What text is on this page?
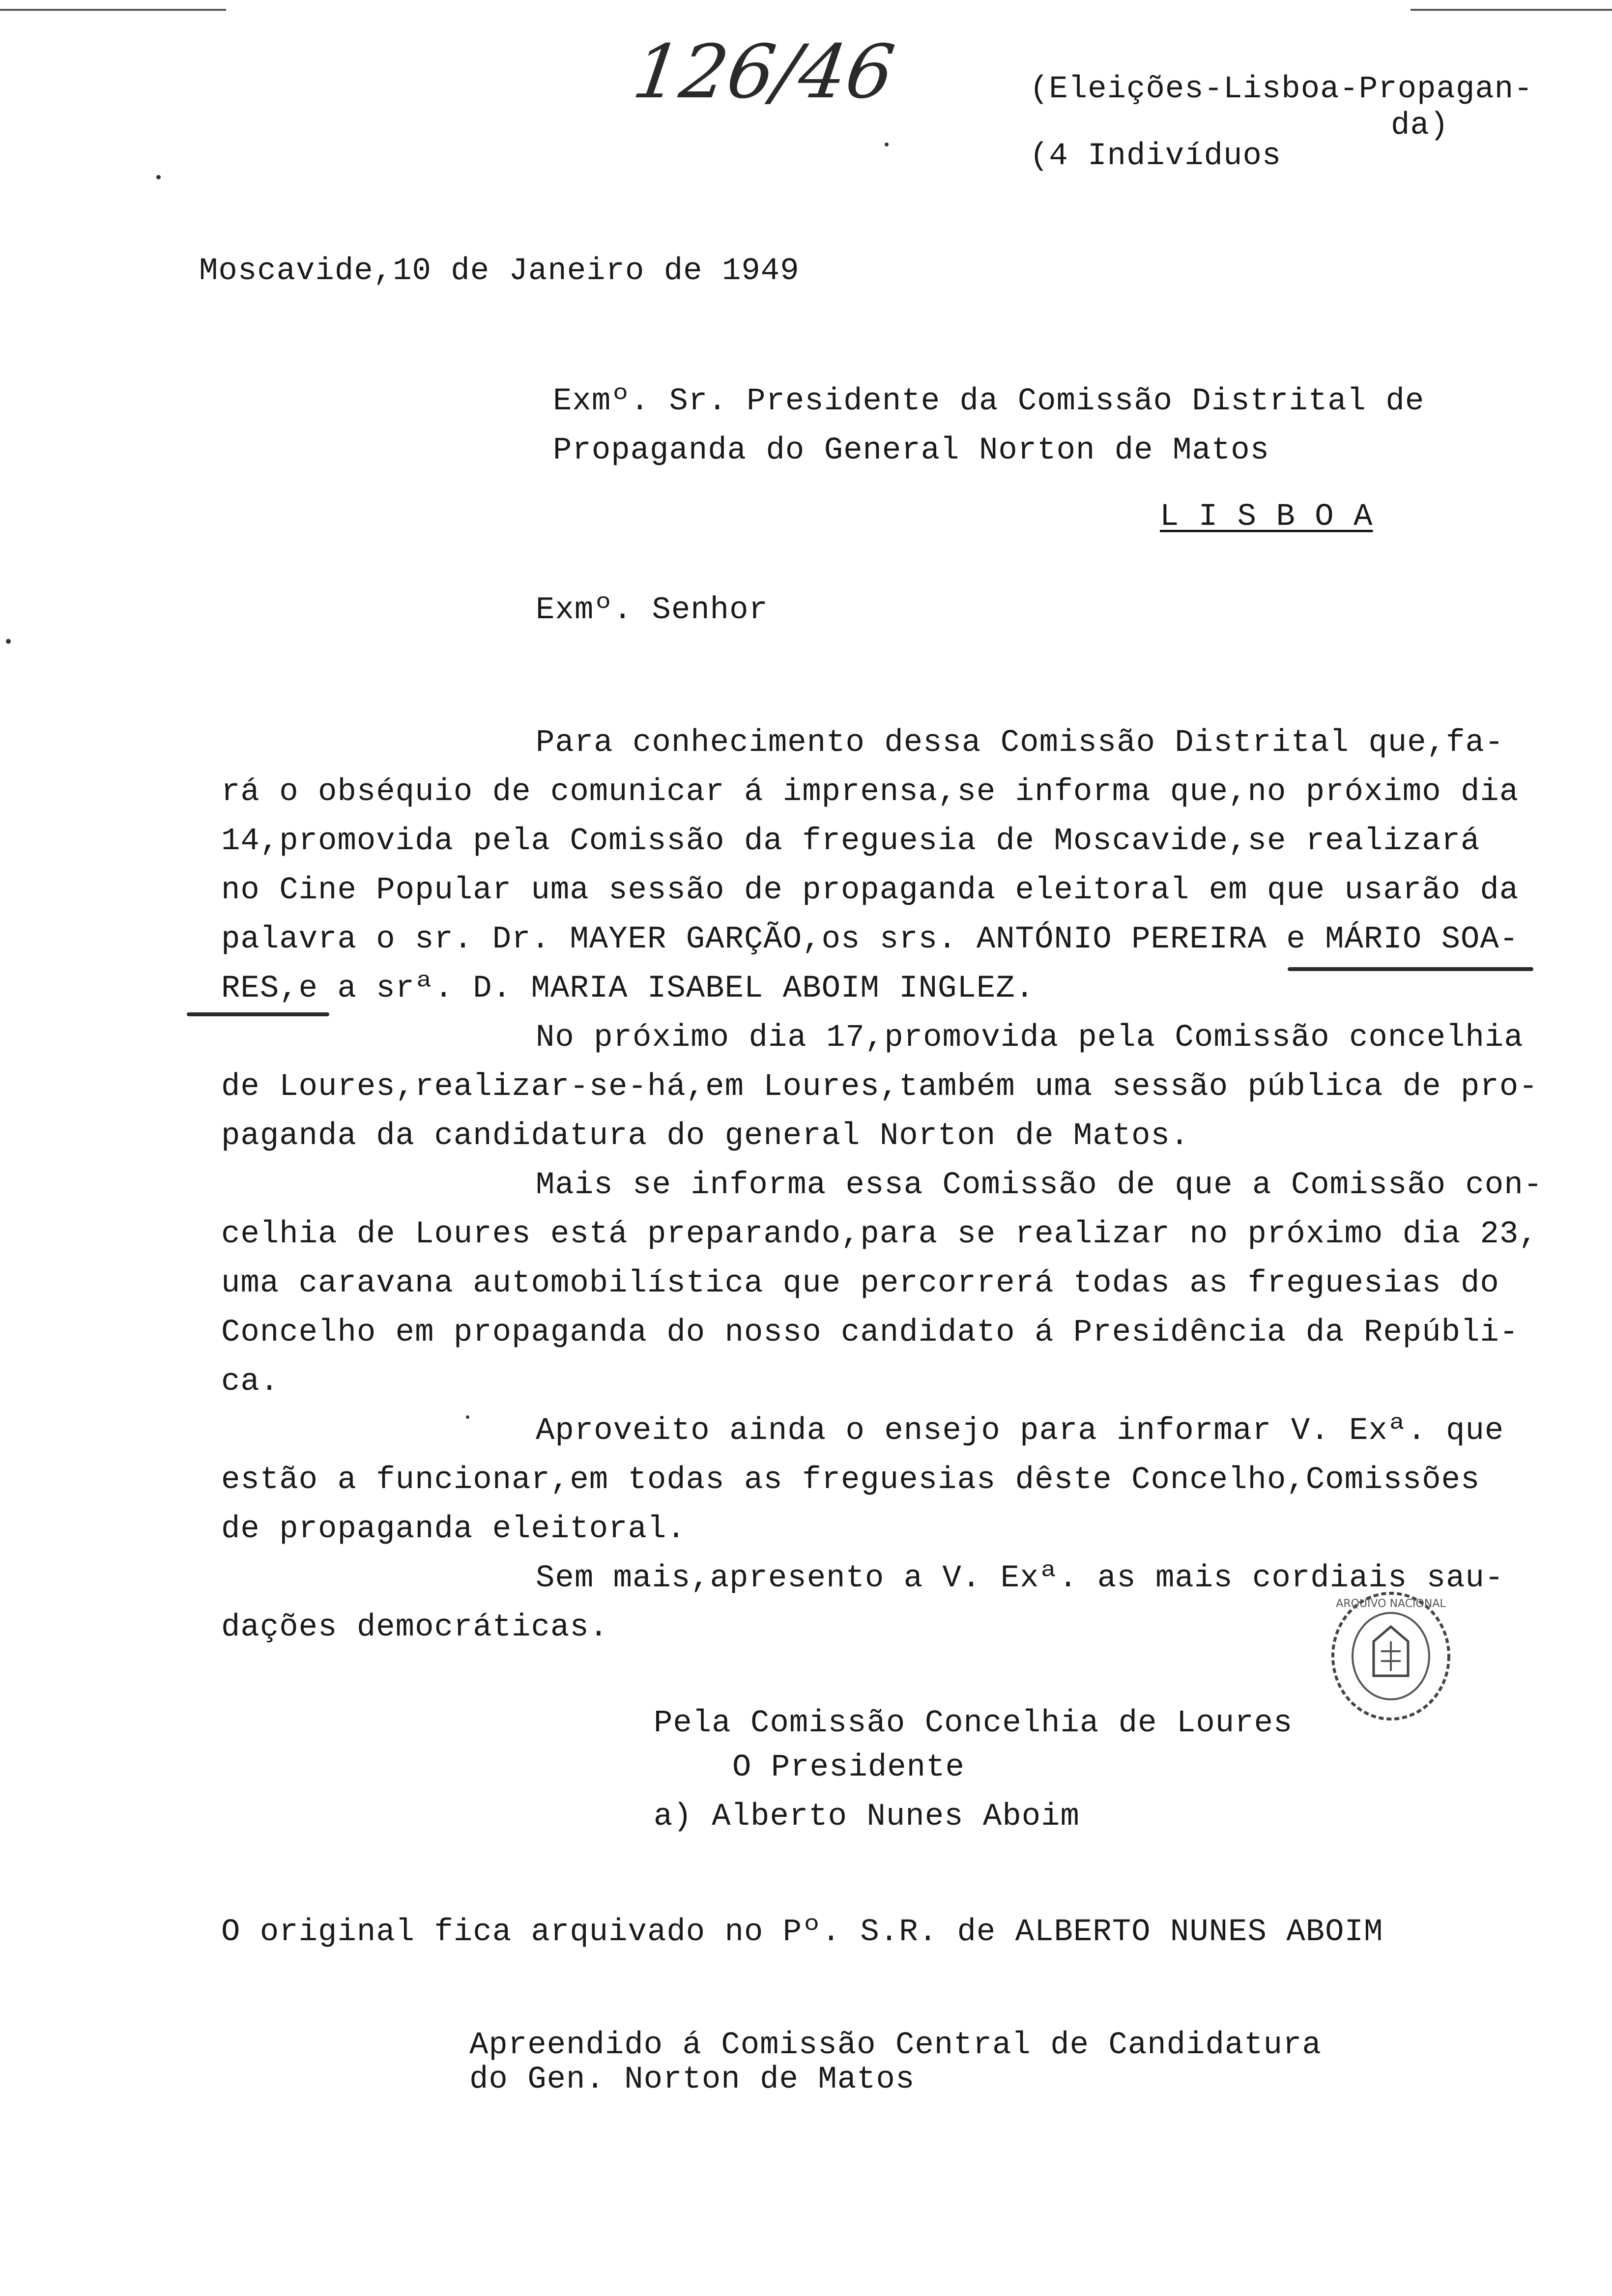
126/46	(Eleições-Lisboa-Propagan-
da)
(4 Indivíduos
Moscavide,10 de Janeiro de 1949
Exmº. Sr. Presidente da Comissão Distrital de
Propaganda do General Norton de Matos
L I S B O A
Exmº. Senhor
Para conhecimento dessa Comissão Distrital que,fa-
rá o obséquio de comunicar á imprensa,se informa que,no próximo dia
14,promovida pela Comissão da freguesia de Moscavide,se realizará
no Cine Popular uma sessão de propaganda eleitoral em que usarão da
palavra o sr. Dr. MAYER GARÇÃO,os srs. ANTÓNIO PEREIRA e MÁRIO SOA-
RES,e a srª. D. MARIA ISABEL ABOIM INGLEZ.
No próximo dia 17,promovida pela Comissão concelhia
de Loures,realizar-se-há,em Loures,também uma sessão pública de pro-
paganda da candidatura do general Norton de Matos.
Mais se informa essa Comissão de que a Comissão con-
celhia de Loures está preparando,para se realizar no próximo dia 23,
uma caravana automobilística que percorrerá todas as freguesias do
Concelho em propaganda do nosso candidato á Presidência da Repúbli-
ca.
Aproveito ainda o ensejo para informar V. Exª. que
estão a funcionar,em todas as freguesias dêste Concelho,Comissões
de propaganda eleitoral.
Sem mais,apresento a V. Exª. as mais cordiais sau-
dações democráticas.
ARQUIVO NACIONAL
Pela Comissão Concelhia de Loures
O Presidente
a) Alberto Nunes Aboim
O original fica arquivado no Pº. S.R. de ALBERTO NUNES ABOIM
Apreendido á Comissão Central de Candidatura
do Gen. Norton de Matos
